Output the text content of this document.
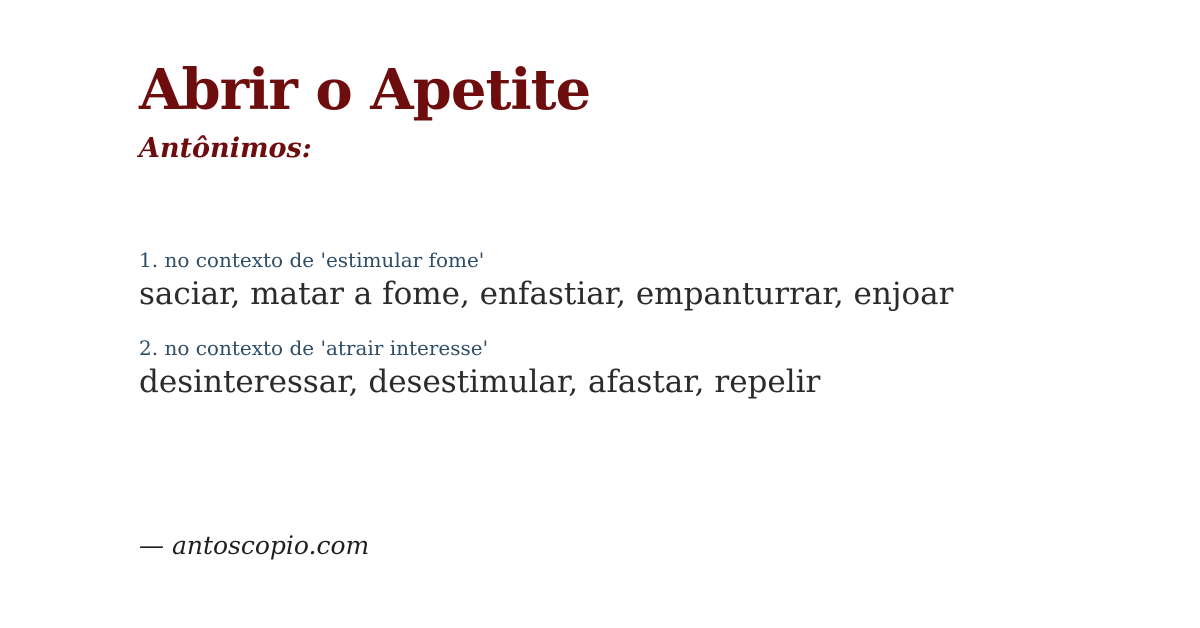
Abrir o Apetite
Antônimos:
1. no contexto de 'estimular fome'
saciar, matar a fome, enfastiar, empanturrar, enjoar
2. no contexto de 'atrair interesse'
desinteressar, desestimular, afastar, repelir
— antoscopio.com
